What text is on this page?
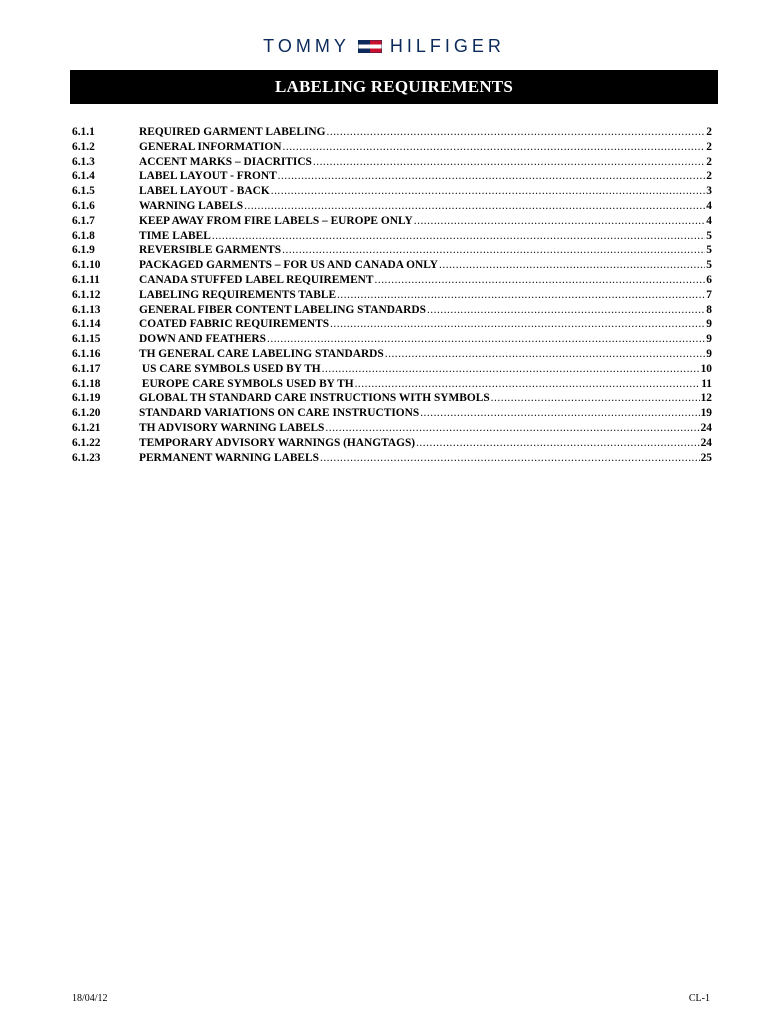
TOMMY HILFIGER
LABELING REQUIREMENTS
6.1.1	REQUIRED GARMENT LABELING .....	2
6.1.2	GENERAL INFORMATION .....	2
6.1.3	ACCENT MARKS – DIACRITICS .....	2
6.1.4	LABEL LAYOUT - FRONT .....	2
6.1.5	LABEL LAYOUT - BACK .....	3
6.1.6	WARNING LABELS .....	4
6.1.7	KEEP AWAY FROM FIRE LABELS – EUROPE ONLY .....	4
6.1.8	TIME LABEL .....	5
6.1.9	REVERSIBLE GARMENTS .....	5
6.1.10	PACKAGED GARMENTS – FOR US AND CANADA ONLY .....	5
6.1.11	CANADA STUFFED LABEL REQUIREMENT .....	6
6.1.12	LABELING REQUIREMENTS TABLE .....	7
6.1.13	GENERAL FIBER CONTENT LABELING STANDARDS .....	8
6.1.14	COATED FABRIC REQUIREMENTS .....	9
6.1.15	DOWN AND FEATHERS .....	9
6.1.16	TH GENERAL CARE LABELING STANDARDS .....	9
6.1.17	US CARE SYMBOLS USED BY TH .....	10
6.1.18	EUROPE CARE SYMBOLS USED BY TH .....	11
6.1.19	GLOBAL TH STANDARD CARE INSTRUCTIONS WITH SYMBOLS .....	12
6.1.20	STANDARD VARIATIONS ON CARE INSTRUCTIONS .....	19
6.1.21	TH ADVISORY WARNING LABELS .....	24
6.1.22	TEMPORARY ADVISORY WARNINGS (HANGTAGS) .....	24
6.1.23	PERMANENT WARNING LABELS .....	25
18/04/12	CL-1
